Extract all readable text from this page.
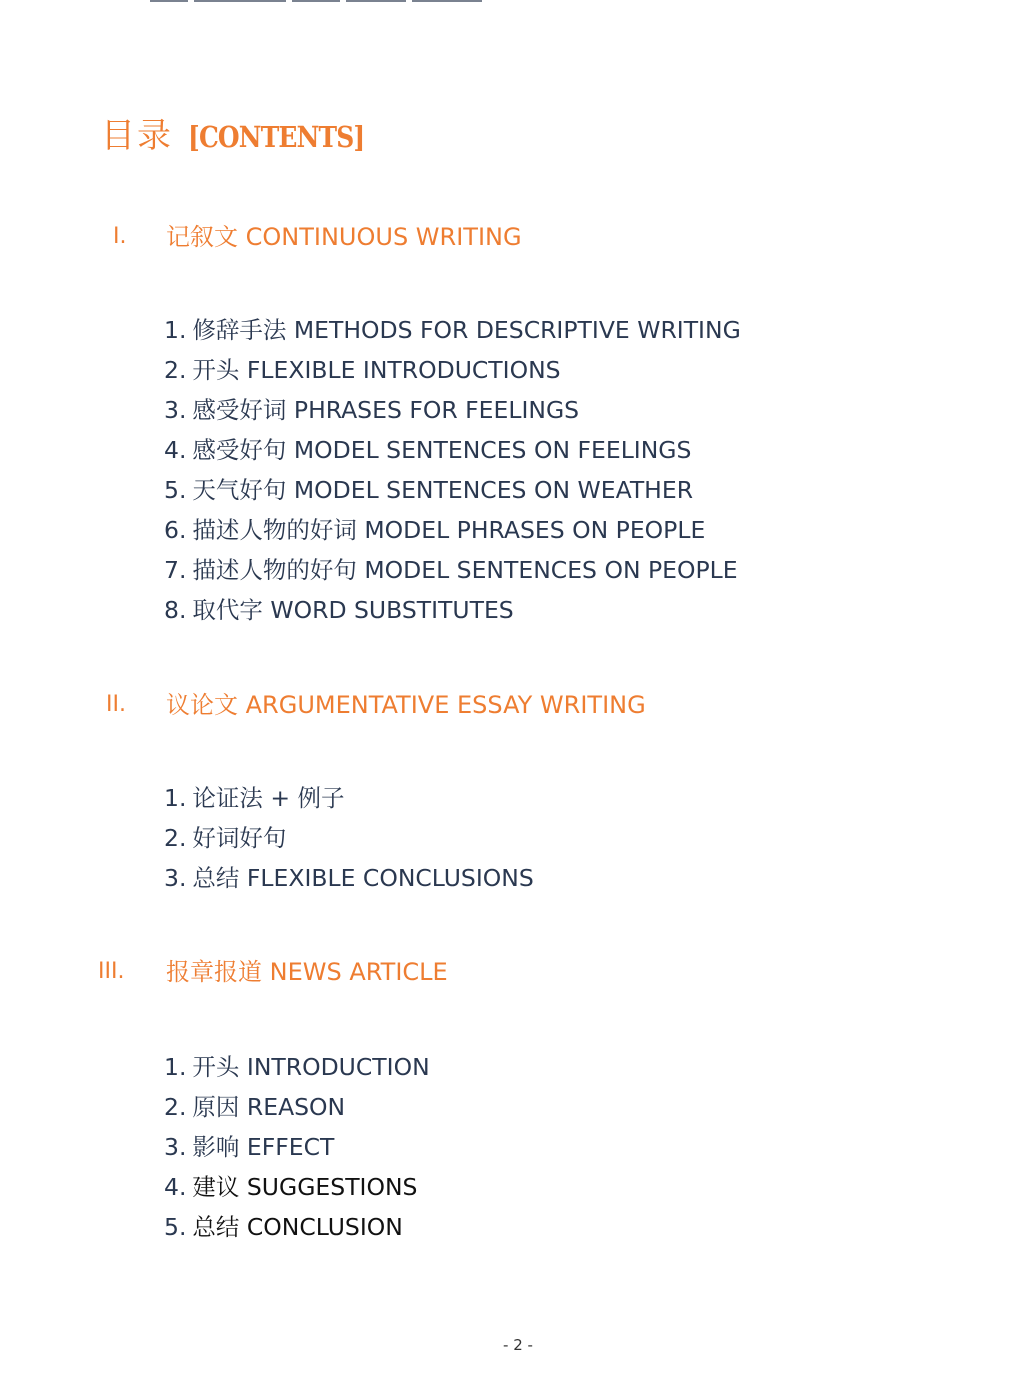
目录 [CONTENTS]
I. 记叙文 CONTINUOUS WRITING
1. 修辞手法 METHODS FOR DESCRIPTIVE WRITING
2. 开头 FLEXIBLE INTRODUCTIONS
3. 感受好词 PHRASES FOR FEELINGS
4. 感受好句 MODEL SENTENCES ON FEELINGS
5. 天气好句 MODEL SENTENCES ON WEATHER
6. 描述人物的好词 MODEL PHRASES ON PEOPLE
7. 描述人物的好句 MODEL SENTENCES ON PEOPLE
8. 取代字 WORD SUBSTITUTES
II. 议论文 ARGUMENTATIVE ESSAY WRITING
1. 论证法 + 例子
2. 好词好句
3. 总结 FLEXIBLE CONCLUSIONS
III. 报章报道 NEWS ARTICLE
1. 开头 INTRODUCTION
2. 原因 REASON
3. 影响 EFFECT
4. 建议 SUGGESTIONS
5. 总结 CONCLUSION
- 2 -
